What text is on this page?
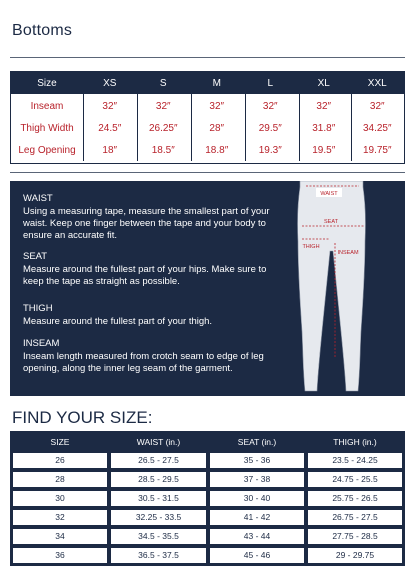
Bottoms
Size	XS	S	M	L	XL	XXL
Inseam	32″	32″	32″	32″	32″	32″
Thigh Width	24.5″	26.25″	28″	29.5″	31.8″	34.25″
Leg Opening	18″	18.5″	18.8″	19.3″	19.5″	19.75″
WAIST
Using a measuring tape, measure the smallest part of your waist. Keep one finger between the tape and your body to ensure an accurate fit.
SEAT
Measure around the fullest part of your hips. Make sure to keep the tape as straight as possible.
THIGH
Measure around the fullest part of your thigh.
INSEAM
Inseam length measured from crotch seam to edge of leg opening, along the inner leg seam of the garment.
WAIST
SEAT
THIGH
INSEAM
FIND YOUR SIZE:
SIZE	WAIST (in.)	SEAT (in.)	THIGH (in.)
26	26.5 - 27.5	35 - 36	23.5 - 24.25
28	28.5 - 29.5	37 - 38	24.75 - 25.5
30	30.5 - 31.5	30 - 40	25.75 - 26.5
32	32.25 - 33.5	41 - 42	26.75 - 27.5
34	34.5 - 35.5	43 - 44	27.75 - 28.5
36	36.5 - 37.5	45 - 46	29 - 29.75
